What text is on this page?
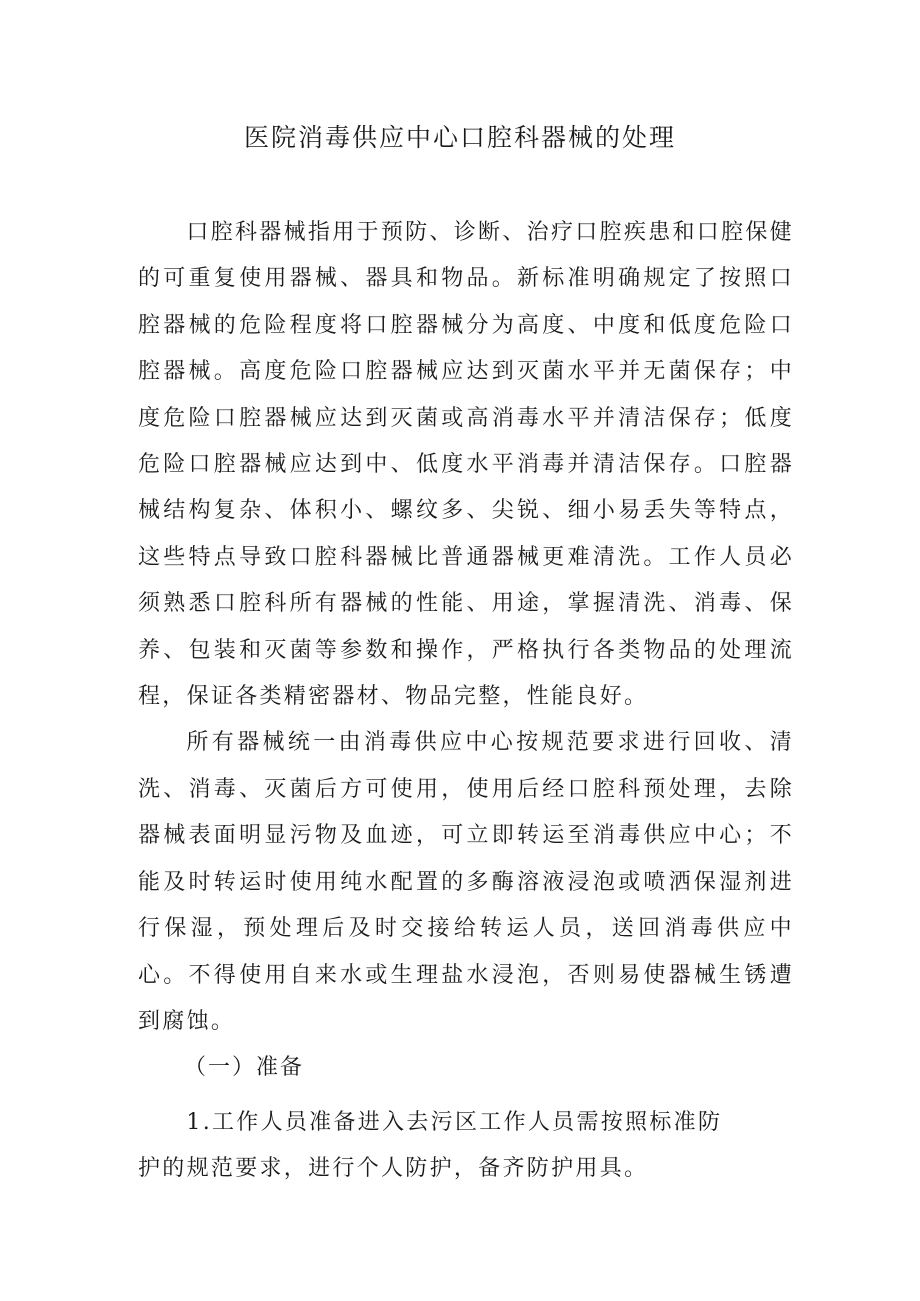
医院消毒供应中心口腔科器械的处理

口腔科器械指用于预防、诊断、治疗口腔疾患和口腔保健的可重复使用器械、器具和物品。新标准明确规定了按照口腔器械的危险程度将口腔器械分为高度、中度和低度危险口腔器械。高度危险口腔器械应达到灭菌水平并无菌保存；中度危险口腔器械应达到灭菌或高消毒水平并清洁保存；低度危险口腔器械应达到中、低度水平消毒并清洁保存。口腔器械结构复杂、体积小、螺纹多、尖锐、细小易丢失等特点，这些特点导致口腔科器械比普通器械更难清洗。工作人员必须熟悉口腔科所有器械的性能、用途，掌握清洗、消毒、保养、包装和灭菌等参数和操作，严格执行各类物品的处理流程，保证各类精密器材、物品完整，性能良好。

所有器械统一由消毒供应中心按规范要求进行回收、清洗、消毒、灭菌后方可使用，使用后经口腔科预处理，去除器械表面明显污物及血迹，可立即转运至消毒供应中心；不能及时转运时使用纯水配置的多酶溶液浸泡或喷洒保湿剂进行保湿，预处理后及时交接给转运人员，送回消毒供应中心。不得使用自来水或生理盐水浸泡，否则易使器械生锈遭到腐蚀。

（一）准备

1.工作人员准备进入去污区工作人员需按照标准防护的规范要求，进行个人防护，备齐防护用具。
